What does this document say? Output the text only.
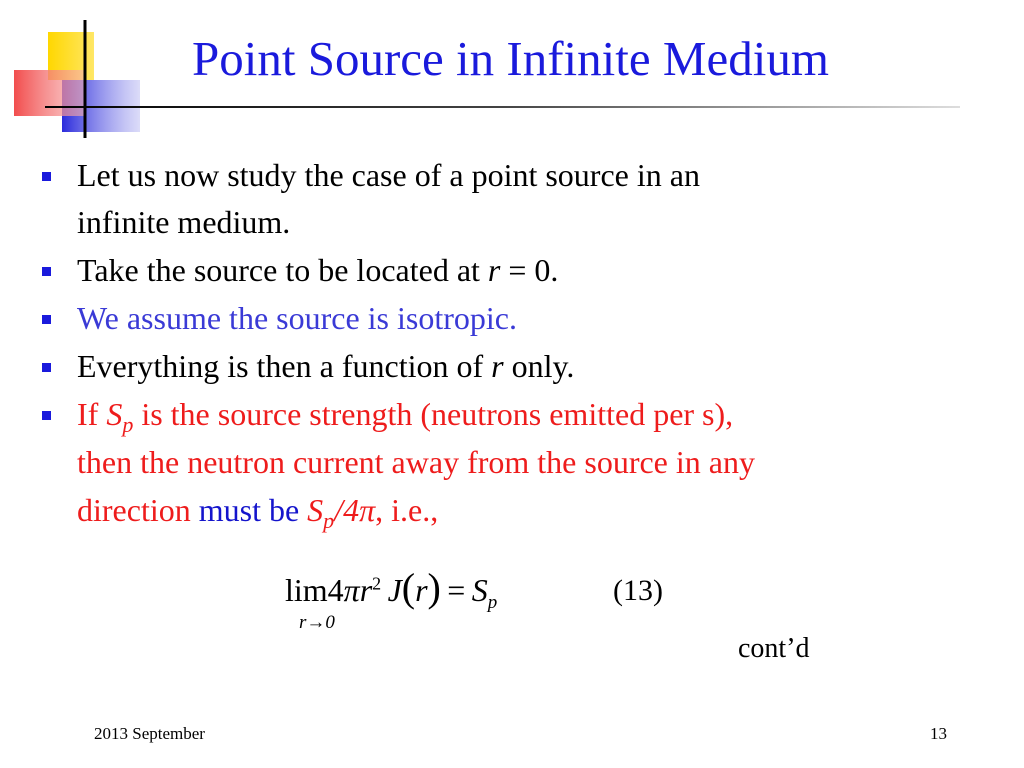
Point Source in Infinite Medium
Let us now study the case of a point source in an
infinite medium.
Take the source to be located at r = 0.
We assume the source is isotropic.
Everything is then a function of r only.
If $S_p$ is the source strength (neutrons emitted per s),
then the neutron current away from the source in any
direction must be $S_p/4\pi$, i.e.,
$\lim 4\pi r^2$  $J(r) = S_p$
r→0
(13)
cont’d
2013 September	13
